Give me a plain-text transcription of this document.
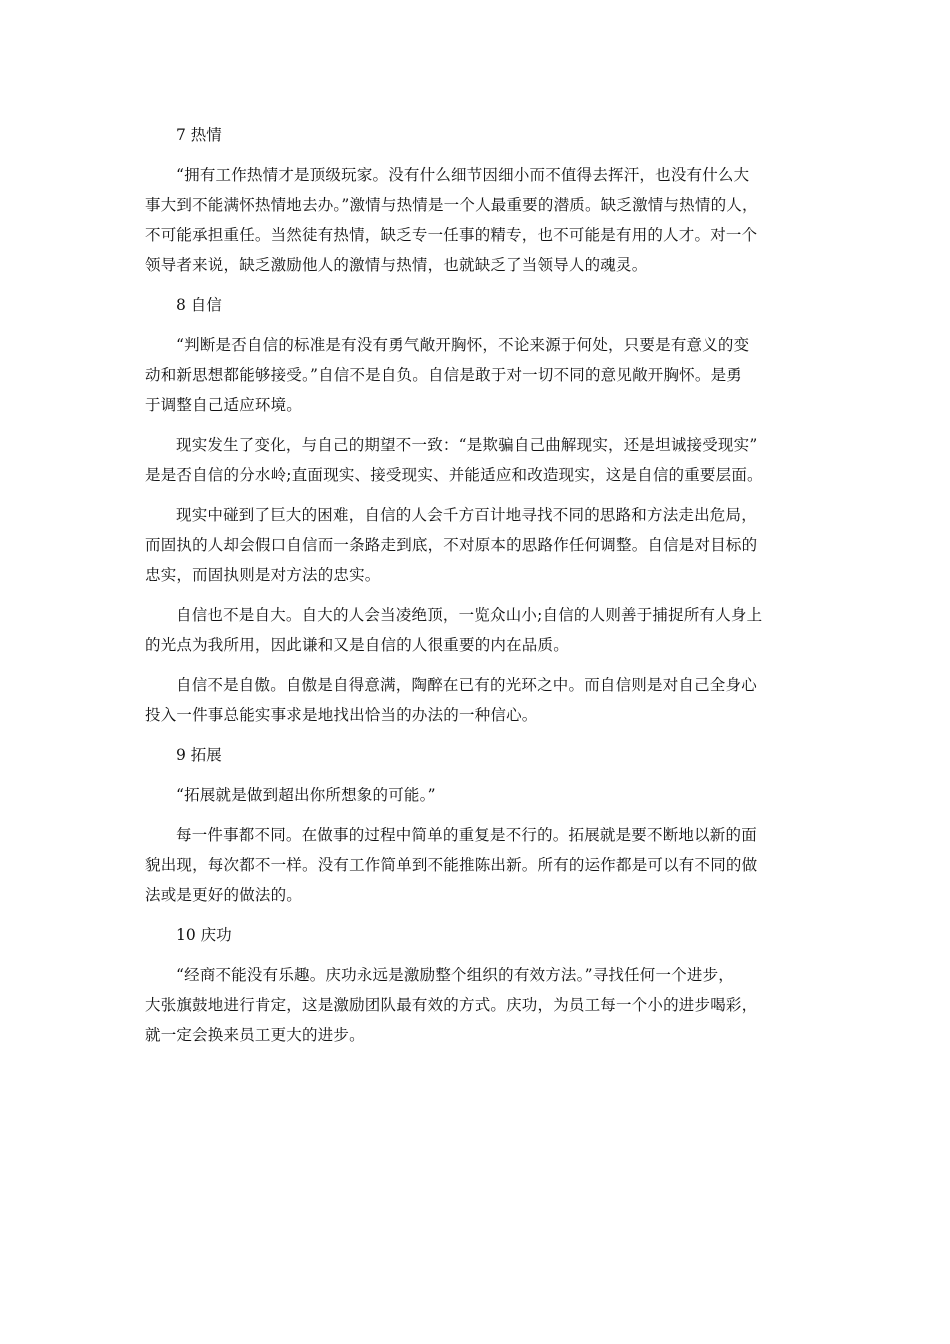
7 热情
“拥有工作热情才是顶级玩家。没有什么细节因细小而不值得去挥汗，也没有什么大
事大到不能满怀热情地去办。”激情与热情是一个人最重要的潜质。缺乏激情与热情的人，
不可能承担重任。当然徒有热情，缺乏专一任事的精专，也不可能是有用的人才。对一个
领导者来说，缺乏激励他人的激情与热情，也就缺乏了当领导人的魂灵。
8 自信
“判断是否自信的标准是有没有勇气敞开胸怀，不论来源于何处，只要是有意义的变
动和新思想都能够接受。”自信不是自负。自信是敢于对一切不同的意见敞开胸怀。是勇
于调整自己适应环境。
现实发生了变化，与自己的期望不一致：“是欺骗自己曲解现实，还是坦诚接受现实”
是是否自信的分水岭;直面现实、接受现实、并能适应和改造现实，这是自信的重要层面。
现实中碰到了巨大的困难，自信的人会千方百计地寻找不同的思路和方法走出危局，
而固执的人却会假口自信而一条路走到底，不对原本的思路作任何调整。自信是对目标的
忠实，而固执则是对方法的忠实。
自信也不是自大。自大的人会当凌绝顶，一览众山小;自信的人则善于捕捉所有人身上
的光点为我所用，因此谦和又是自信的人很重要的内在品质。
自信不是自傲。自傲是自得意满，陶醉在已有的光环之中。而自信则是对自己全身心
投入一件事总能实事求是地找出恰当的办法的一种信心。
9 拓展
“拓展就是做到超出你所想象的可能。”
每一件事都不同。在做事的过程中简单的重复是不行的。拓展就是要不断地以新的面
貌出现，每次都不一样。没有工作简单到不能推陈出新。所有的运作都是可以有不同的做
法或是更好的做法的。
10 庆功
“经商不能没有乐趣。庆功永远是激励整个组织的有效方法。”寻找任何一个进步，
大张旗鼓地进行肯定，这是激励团队最有效的方式。庆功，为员工每一个小的进步喝彩，
就一定会换来员工更大的进步。
